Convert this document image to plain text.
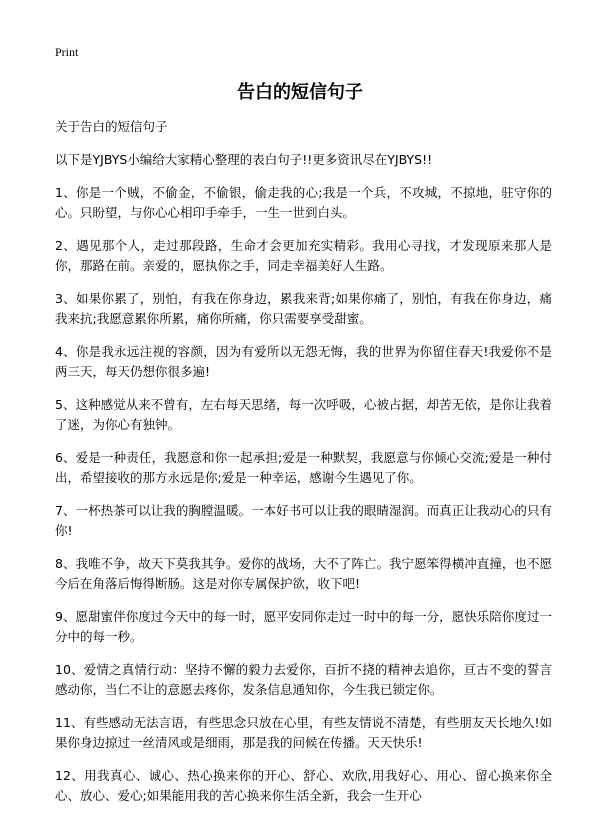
Print
告白的短信句子

关于告白的短信句子

以下是YJBYS小编给大家精心整理的表白句子!!更多资讯尽在YJBYS!!

1、你是一个贼，不偷金，不偷银，偷走我的心;我是一个兵，不攻城，不掠地，驻守你的心。只盼望，与你心心相印手牵手，一生一世到白头。

2、遇见那个人，走过那段路，生命才会更加充实精彩。我用心寻找，才发现原来那人是你，那路在前。亲爱的，愿执你之手，同走幸福美好人生路。

3、如果你累了，别怕，有我在你身边，累我来背;如果你痛了，别怕，有我在你身边，痛我来抗;我愿意累你所累，痛你所痛，你只需要享受甜蜜。

4、你是我永远注视的容颜，因为有爱所以无怨无悔，我的世界为你留住春天!我爱你不是两三天，每天仍想你很多遍!

5、这种感觉从来不曾有，左右每天思绪，每一次呼吸，心被占据，却苦无依，是你让我着了迷，为你心有独钟。

6、爱是一种责任，我愿意和你一起承担;爱是一种默契，我愿意与你倾心交流;爱是一种付出，希望接收的那方永远是你;爱是一种幸运，感谢今生遇见了你。

7、一杯热茶可以让我的胸膛温暖。一本好书可以让我的眼睛湿润。而真正让我动心的只有你!

8、我唯不争，故天下莫我其争。爱你的战场，大不了阵亡。我宁愿笨得横冲直撞，也不愿今后在角落后悔得断肠。这是对你专属保护欲，收下吧!

9、愿甜蜜伴你度过今天中的每一时，愿平安同你走过一时中的每一分，愿快乐陪你度过一分中的每一秒。

10、爱情之真情行动：坚持不懈的毅力去爱你，百折不挠的精神去追你，亘古不变的誓言感动你，当仁不让的意愿去疼你，发条信息通知你，今生我已锁定你。

11、有些感动无法言语，有些思念只放在心里，有些友情说不清楚，有些朋友天长地久!如果你身边掠过一丝清风或是细雨，那是我的问候在传播。天天快乐!

12、用我真心、诚心、热心换来你的开心、舒心、欢欣,用我好心、用心、留心换来你全心、放心、爱心;如果能用我的苦心换来你生活全新，我会一生开心
